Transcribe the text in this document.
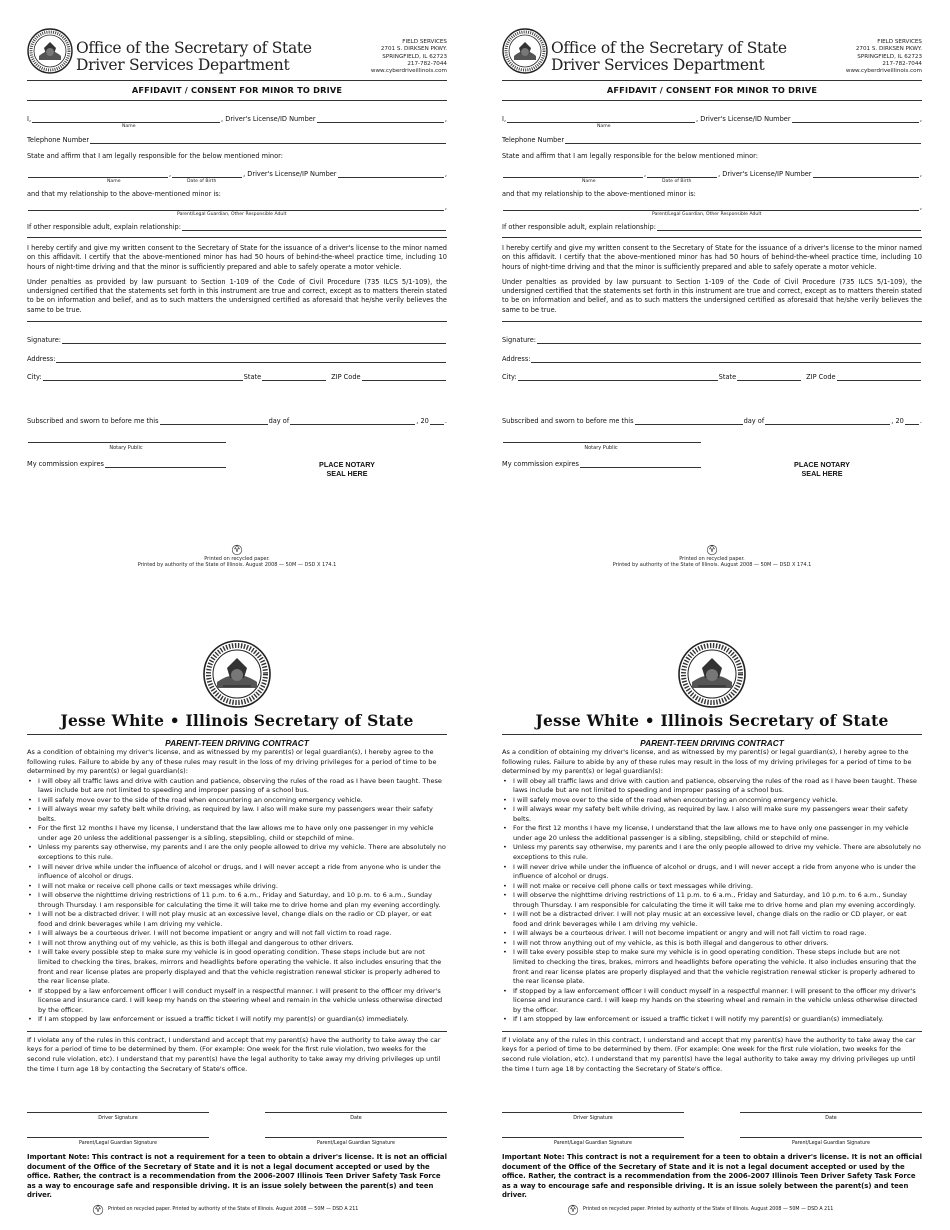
Office of the Secretary of State
Driver Services Department
FIELD SERVICES
2701 S. DIRKSEN PKWY.
SPRINGFIELD, IL 62723
217-782-7044
www.cyberdriveillinois.com
AFFIDAVIT / CONSENT FOR MINOR TO DRIVE
I,	, Driver's License/ID Number	,
Name
Telephone Number
State and affirm that I am legally responsible for the below mentioned minor:
,	, Driver's License/IP Number	,
Name	Date of Birth
and that my relationship to the above-mentioned minor is:
,
Parent/Legal Guardian, Other Responsible Adult
If other responsible adult, explain relationship:
I hereby certify and give my written consent to the Secretary of State for the issuance of a driver's license to the minor named on this affidavit. I certify that the above-mentioned minor has had 50 hours of behind-the-wheel practice time, including 10 hours of night-time driving and that the minor is sufficiently prepared and able to safely operate a motor vehicle.
Under penalties as provided by law pursuant to Section 1-109 of the Code of Civil Procedure (735 ILCS 5/1-109), the undersigned certified that the statements set forth in this instrument are true and correct, except as to matters therein stated to be on information and belief, and as to such matters the undersigned certified as aforesaid that he/she verily believes the same to be true.
Signature:
Address:
City:	State	ZIP Code
Subscribed and sworn to before me this	day of	, 20 .
Notary Public
My commission expires	PLACE NOTARY
SEAL HERE
Printed on recycled paper.
Printed by authority of the State of Illinois. August 2008 — 50M — DSD X 174.1
Office of the Secretary of State
Driver Services Department
FIELD SERVICES
2701 S. DIRKSEN PKWY.
SPRINGFIELD, IL 62723
217-782-7044
www.cyberdriveillinois.com
AFFIDAVIT / CONSENT FOR MINOR TO DRIVE
I,	, Driver's License/ID Number	,
Name
Telephone Number
State and affirm that I am legally responsible for the below mentioned minor:
,	, Driver's License/IP Number	,
Name	Date of Birth
and that my relationship to the above-mentioned minor is:
,
Parent/Legal Guardian, Other Responsible Adult
If other responsible adult, explain relationship:
I hereby certify and give my written consent to the Secretary of State for the issuance of a driver's license to the minor named on this affidavit. I certify that the above-mentioned minor has had 50 hours of behind-the-wheel practice time, including 10 hours of night-time driving and that the minor is sufficiently prepared and able to safely operate a motor vehicle.
Under penalties as provided by law pursuant to Section 1-109 of the Code of Civil Procedure (735 ILCS 5/1-109), the undersigned certified that the statements set forth in this instrument are true and correct, except as to matters therein stated to be on information and belief, and as to such matters the undersigned certified as aforesaid that he/she verily believes the same to be true.
Signature:
Address:
City:	State	ZIP Code
Subscribed and sworn to before me this	day of	, 20 .
Notary Public
My commission expires	PLACE NOTARY
SEAL HERE
Printed on recycled paper.
Printed by authority of the State of Illinois. August 2008 — 50M — DSD X 174.1
Jesse White • Illinois Secretary of State
PARENT-TEEN DRIVING CONTRACT
As a condition of obtaining my driver's license, and as witnessed by my parent(s) or legal guardian(s), I hereby agree to the following rules. Failure to abide by any of these rules may result in the loss of my driving privileges for a period of time to be determined by my parent(s) or legal guardian(s):
• I will obey all traffic laws and drive with caution and patience, observing the rules of the road as I have been taught. These laws include but are not limited to speeding and improper passing of a school bus.
• I will safely move over to the side of the road when encountering an oncoming emergency vehicle.
• I will always wear my safety belt while driving, as required by law. I also will make sure my passengers wear their safety belts.
• For the first 12 months I have my license, I understand that the law allows me to have only one passenger in my vehicle under age 20 unless the additional passenger is a sibling, stepsibling, child or stepchild of mine.
• Unless my parents say otherwise, my parents and I are the only people allowed to drive my vehicle. There are absolutely no exceptions to this rule.
• I will never drive while under the influence of alcohol or drugs, and I will never accept a ride from anyone who is under the influence of alcohol or drugs.
• I will not make or receive cell phone calls or text messages while driving.
• I will observe the nighttime driving restrictions of 11 p.m. to 6 a.m., Friday and Saturday, and 10 p.m. to 6 a.m., Sunday through Thursday. I am responsible for calculating the time it will take me to drive home and plan my evening accordingly.
• I will not be a distracted driver. I will not play music at an excessive level, change dials on the radio or CD player, or eat food and drink beverages while I am driving my vehicle.
• I will always be a courteous driver. I will not become impatient or angry and will not fall victim to road rage.
• I will not throw anything out of my vehicle, as this is both illegal and dangerous to other drivers.
• I will take every possible step to make sure my vehicle is in good operating condition. These steps include but are not limited to checking the tires, brakes, mirrors and headlights before operating the vehicle. It also includes ensuring that the front and rear license plates are properly displayed and that the vehicle registration renewal sticker is properly adhered to the rear license plate.
• If stopped by a law enforcement officer I will conduct myself in a respectful manner. I will present to the officer my driver's license and insurance card. I will keep my hands on the steering wheel and remain in the vehicle unless otherwise directed by the officer.
• If I am stopped by law enforcement or issued a traffic ticket I will notify my parent(s) or guardian(s) immediately.
If I violate any of the rules in this contract, I understand and accept that my parent(s) have the authority to take away the car keys for a period of time to be determined by them. (For example: One week for the first rule violation, two weeks for the second rule violation, etc). I understand that my parent(s) have the legal authority to take away my driving privileges up until the time I turn age 18 by contacting the Secretary of State's office.
Driver Signature	Date
Parent/Legal Guardian Signature	Parent/Legal Guardian Signature
Important Note: This contract is not a requirement for a teen to obtain a driver's license. It is not an official document of the Office of the Secretary of State and it is not a legal document accepted or used by the office. Rather, the contract is a recommendation from the 2006-2007 Illinois Teen Driver Safety Task Force as a way to encourage safe and responsible driving. It is an issue solely between the parent(s) and teen driver.
Printed on recycled paper. Printed by authority of the State of Illinois. August 2008 — 50M — DSD A 211
Jesse White • Illinois Secretary of State
PARENT-TEEN DRIVING CONTRACT
As a condition of obtaining my driver's license, and as witnessed by my parent(s) or legal guardian(s), I hereby agree to the following rules. Failure to abide by any of these rules may result in the loss of my driving privileges for a period of time to be determined by my parent(s) or legal guardian(s):
• I will obey all traffic laws and drive with caution and patience, observing the rules of the road as I have been taught. These laws include but are not limited to speeding and improper passing of a school bus.
• I will safely move over to the side of the road when encountering an oncoming emergency vehicle.
• I will always wear my safety belt while driving, as required by law. I also will make sure my passengers wear their safety belts.
• For the first 12 months I have my license, I understand that the law allows me to have only one passenger in my vehicle under age 20 unless the additional passenger is a sibling, stepsibling, child or stepchild of mine.
• Unless my parents say otherwise, my parents and I are the only people allowed to drive my vehicle. There are absolutely no exceptions to this rule.
• I will never drive while under the influence of alcohol or drugs, and I will never accept a ride from anyone who is under the influence of alcohol or drugs.
• I will not make or receive cell phone calls or text messages while driving.
• I will observe the nighttime driving restrictions of 11 p.m. to 6 a.m., Friday and Saturday, and 10 p.m. to 6 a.m., Sunday through Thursday. I am responsible for calculating the time it will take me to drive home and plan my evening accordingly.
• I will not be a distracted driver. I will not play music at an excessive level, change dials on the radio or CD player, or eat food and drink beverages while I am driving my vehicle.
• I will always be a courteous driver. I will not become impatient or angry and will not fall victim to road rage.
• I will not throw anything out of my vehicle, as this is both illegal and dangerous to other drivers.
• I will take every possible step to make sure my vehicle is in good operating condition. These steps include but are not limited to checking the tires, brakes, mirrors and headlights before operating the vehicle. It also includes ensuring that the front and rear license plates are properly displayed and that the vehicle registration renewal sticker is properly adhered to the rear license plate.
• If stopped by a law enforcement officer I will conduct myself in a respectful manner. I will present to the officer my driver's license and insurance card. I will keep my hands on the steering wheel and remain in the vehicle unless otherwise directed by the officer.
• If I am stopped by law enforcement or issued a traffic ticket I will notify my parent(s) or guardian(s) immediately.
If I violate any of the rules in this contract, I understand and accept that my parent(s) have the authority to take away the car keys for a period of time to be determined by them. (For example: One week for the first rule violation, two weeks for the second rule violation, etc). I understand that my parent(s) have the legal authority to take away my driving privileges up until the time I turn age 18 by contacting the Secretary of State's office.
Driver Signature	Date
Parent/Legal Guardian Signature	Parent/Legal Guardian Signature
Important Note: This contract is not a requirement for a teen to obtain a driver's license. It is not an official document of the Office of the Secretary of State and it is not a legal document accepted or used by the office. Rather, the contract is a recommendation from the 2006-2007 Illinois Teen Driver Safety Task Force as a way to encourage safe and responsible driving. It is an issue solely between the parent(s) and teen driver.
Printed on recycled paper. Printed by authority of the State of Illinois. August 2008 — 50M — DSD A 211
